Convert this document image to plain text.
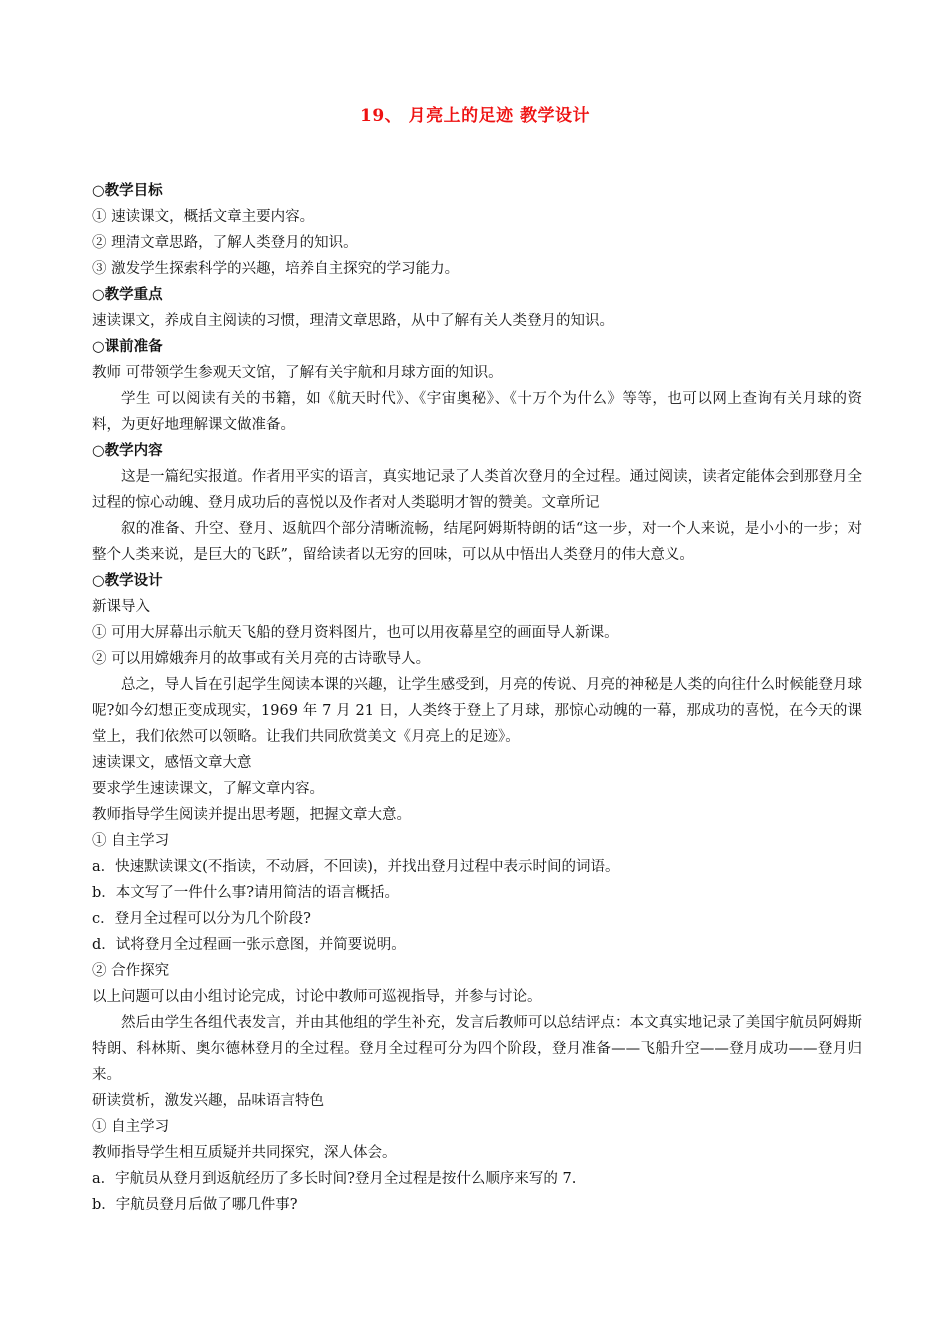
19、 月亮上的足迹 教学设计
○ 教学目标
① 速读课文，概括文章主要内容。
② 理清文章思路，了解人类登月的知识。
③ 激发学生探索科学的兴趣，培养自主探究的学习能力。
○ 教学重点
速读课文，养成自主阅读的习惯，理清文章思路，从中了解有关人类登月的知识。
○ 课前准备
教师 可带领学生参观天文馆，了解有关宇航和月球方面的知识。
学生 可以阅读有关的书籍，如《航天时代》、《宇宙奥秘》、《十万个为什么》等等，也可以网上查询有关月球的资料，为更好地理解课文做准备。
○ 教学内容
这是一篇纪实报道。作者用平实的语言，真实地记录了人类首次登月的全过程。通过阅读，读者定能体会到那登月全过程的惊心动魄、登月成功后的喜悦以及作者对人类聪明才智的赞美。文章所记
叙的准备、升空、登月、返航四个部分清晰流畅，结尾阿姆斯特朗的话“这一步，对一个人来说，是小小的一步；对整个人类来说，是巨大的飞跃”，留给读者以无穷的回味，可以从中悟出人类登月的伟大意义。
○ 教学设计
新课导入
① 可用大屏幕出示航天飞船的登月资料图片，也可以用夜幕星空的画面导人新课。
② 可以用嫦娥奔月的故事或有关月亮的古诗歌导人。
总之，导人旨在引起学生阅读本课的兴趣，让学生感受到，月亮的传说、月亮的神秘是人类的向往什么时候能登月球呢?如今幻想正变成现实，1969 年 7 月 21 日，人类终于登上了月球，那惊心动魄的一幕，那成功的喜悦，在今天的课堂上，我们依然可以领略。让我们共同欣赏美文《月亮上的足迹》。
速读课文，感悟文章大意
要求学生速读课文，了解文章内容。
教师指导学生阅读并提出思考题，把握文章大意。
① 自主学习
a．快速默读课文(不指读，不动唇，不回读)，并找出登月过程中表示时间的词语。
b．本文写了一件什么事?请用简洁的语言概括。
c．登月全过程可以分为几个阶段?
d．试将登月全过程画一张示意图，并简要说明。
② 合作探究
以上问题可以由小组讨论完成，讨论中教师可巡视指导，并参与讨论。
然后由学生各组代表发言，并由其他组的学生补充，发言后教师可以总结评点：本文真实地记录了美国宇航员阿姆斯特朗、科林斯、奥尔德林登月的全过程。登月全过程可分为四个阶段，登月准备——飞船升空——登月成功——登月归来。
研读赏析，激发兴趣，品味语言特色
① 自主学习
教师指导学生相互质疑并共同探究，深人体会。
a．宇航员从登月到返航经历了多长时间?登月全过程是按什么顺序来写的 7.
b．宇航员登月后做了哪几件事?
